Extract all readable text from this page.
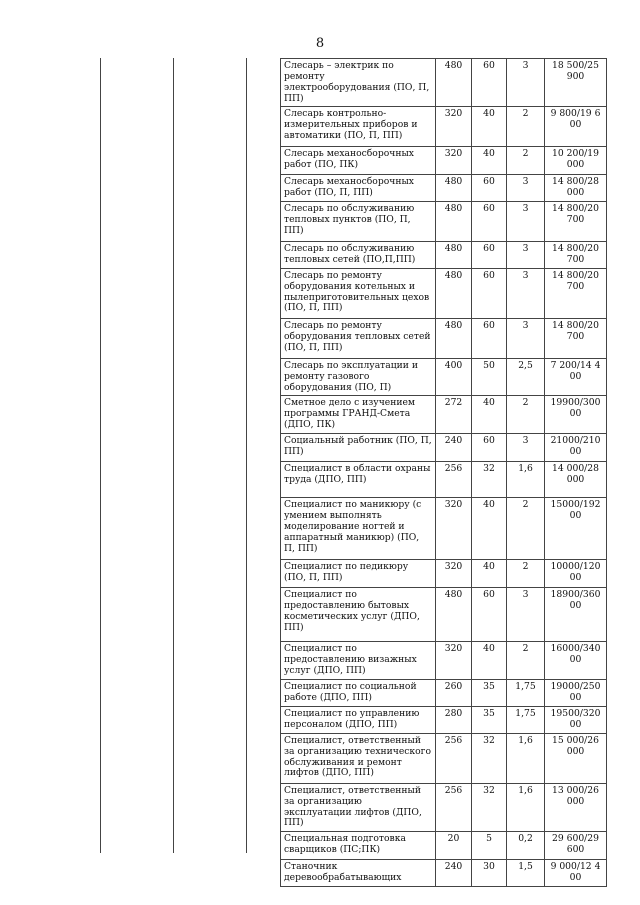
8
Слесарь – электрик по ремонту электрооборудования (ПО, П, ПП)	480	60	3	18 500/25 900
Слесарь контрольно-измерительных приборов и автоматики (ПО, П, ПП)	320	40	2	9 800/19 600
Слесарь механосборочных работ (ПО, ПК)	320	40	2	10 200/19 000
Слесарь механосборочных работ (ПО, П, ПП)	480	60	3	14 800/28 000
Слесарь по обслуживанию тепловых пунктов (ПО, П, ПП)	480	60	3	14 800/20 700
Слесарь по обслуживанию тепловых сетей (ПО,П,ПП)	480	60	3	14 800/20 700
Слесарь по ремонту оборудования котельных и пылеприготовительных цехов (ПО, П, ПП)	480	60	3	14 800/20 700
Слесарь по ремонту оборудования тепловых сетей (ПО, П, ПП)	480	60	3	14 800/20 700
Слесарь по эксплуатации и ремонту газового оборудования (ПО, П)	400	50	2,5	7 200/14 400
Сметное дело с изучением программы ГРАНД-Смета (ДПО, ПК)	272	40	2	19900/30000
Социальный работник (ПО, П, ПП)	240	60	3	21000/21000
Специалист в области охраны труда (ДПО, ПП)	256	32	1,6	14 000/28 000
Специалист по маникюру (с умением выполнять моделирование ногтей и аппаратный маникюр) (ПО, П, ПП)	320	40	2	15000/19200
Специалист по педикюру (ПО, П, ПП)	320	40	2	10000/12000
Специалист по предоставлению бытовых косметических услуг (ДПО, ПП)	480	60	3	18900/36000
Специалист по предоставлению визажных услуг (ДПО, ПП)	320	40	2	16000/34000
Специалист по социальной работе (ДПО, ПП)	260	35	1,75	19000/25000
Специалист по управлению персоналом (ДПО, ПП)	280	35	1,75	19500/32000
Специалист, ответственный за организацию технического обслуживания и ремонт лифтов (ДПО, ПП)	256	32	1,6	15 000/26 000
Специалист, ответственный за организацию эксплуатации лифтов (ДПО, ПП)	256	32	1,6	13 000/26 000
Специальная подготовка сварщиков (ПС;ПК)	20	5	0,2	29 600/29 600
Станочник деревообрабатывающих	240	30	1,5	9 000/12 400
